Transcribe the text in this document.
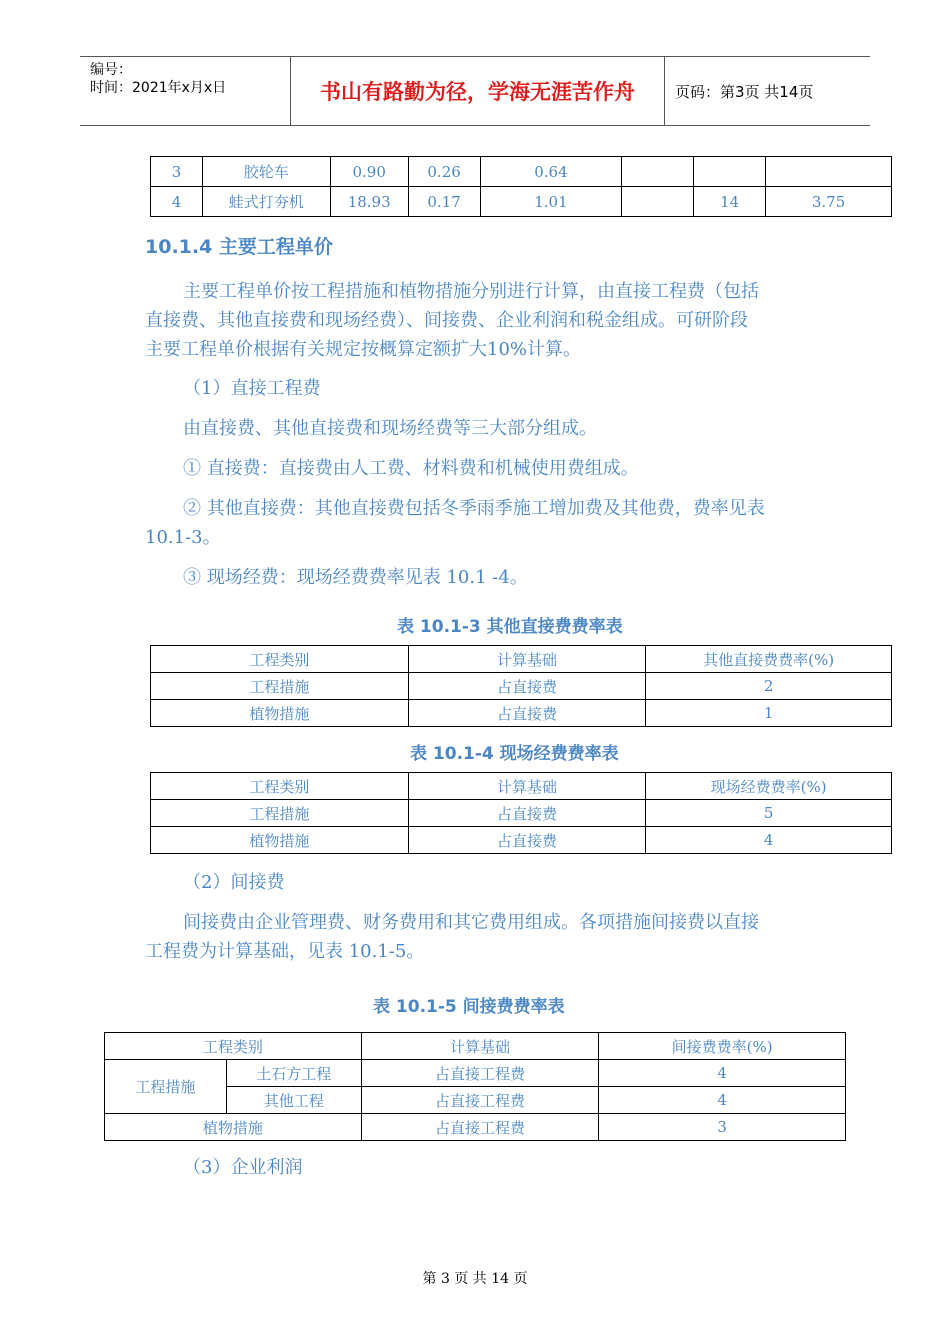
编号：
时间：2021年x月x日	书山有路勤为径，学海无涯苦作舟	页码：第3页 共14页
3	胶轮车	0.90	0.26	0.64			
4	蛙式打夯机	18.93	0.17	1.01		14	3.75
10.1.4 主要工程单价

主要工程单价按工程措施和植物措施分别进行计算，由直接工程费（包括

直接费、其他直接费和现场经费）、间接费、企业利润和税金组成。可研阶段

主要工程单价根据有关规定按概算定额扩大10%计算。

（1）直接工程费

由直接费、其他直接费和现场经费等三大部分组成。

① 直接费：直接费由人工费、材料费和机械使用费组成。

② 其他直接费：其他直接费包括冬季雨季施工增加费及其他费，费率见表

10.1-3。

③ 现场经费：现场经费费率见表 10.1 -4。

表 10.1-3 其他直接费费率表
工程类别	计算基础	其他直接费费率(%)
工程措施	占直接费	2
植物措施	占直接费	1
表 10.1-4 现场经费费率表
工程类别	计算基础	现场经费费率(%)
工程措施	占直接费	5
植物措施	占直接费	4

（2）间接费

间接费由企业管理费、财务费用和其它费用组成。各项措施间接费以直接

工程费为计算基础，见表 10.1-5。

表 10.1-5 间接费费率表
工程类别		计算基础	间接费费率(%)
工程措施	土石方工程	占直接工程费	4
	其他工程	占直接工程费	4
植物措施		占直接工程费	3

（3）企业利润

第 3 页 共 14 页
